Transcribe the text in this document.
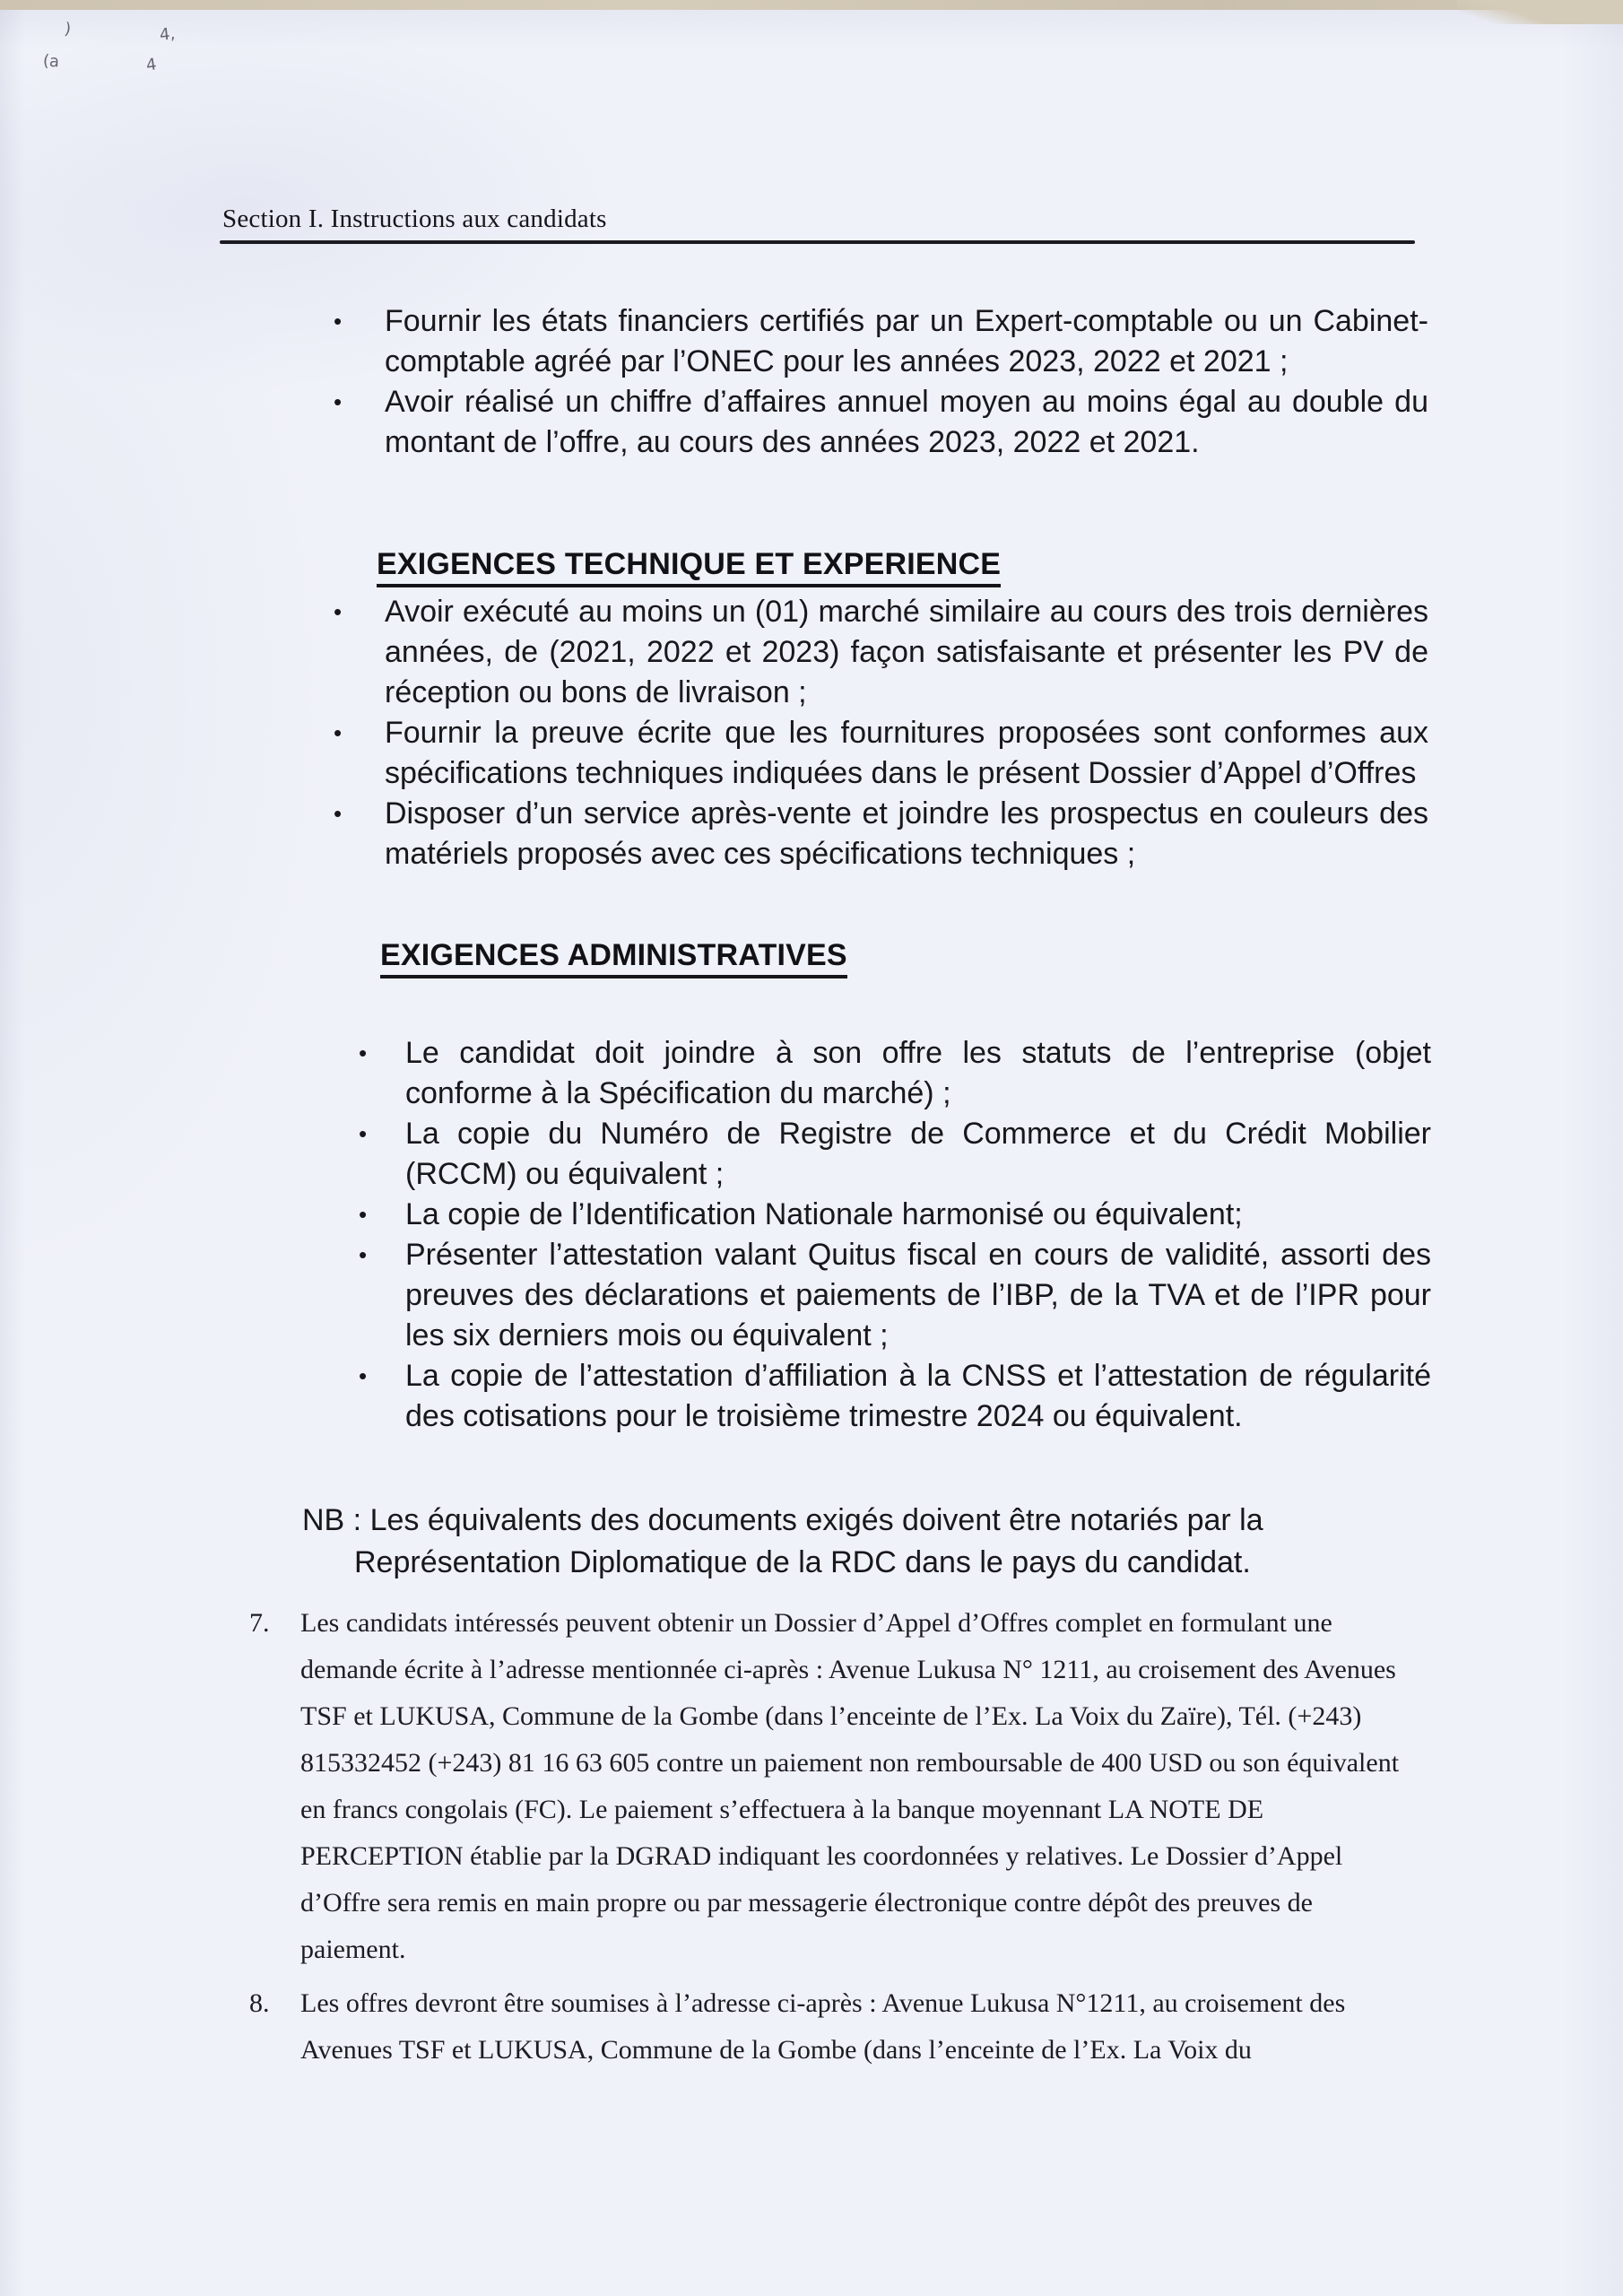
)	4,
(a	4
Section I. Instructions aux candidats
•	Fournir les états financiers certifiés par un Expert-comptable ou un Cabinet-comptable agréé par l’ONEC pour les années 2023, 2022 et 2021 ;
•	Avoir réalisé un chiffre d’affaires annuel moyen au moins égal au double du montant de l’offre, au cours des années 2023, 2022 et 2021.
EXIGENCES TECHNIQUE ET EXPERIENCE
•	Avoir exécuté au moins un (01) marché similaire au cours des trois dernières années, de (2021, 2022 et 2023) façon satisfaisante et présenter les PV de réception ou bons de livraison ;
•	Fournir la preuve écrite que les fournitures proposées sont conformes aux spécifications techniques indiquées dans le présent Dossier d’Appel d’Offres
•	Disposer d’un service après-vente et joindre les prospectus en couleurs des matériels proposés avec ces spécifications techniques ;
EXIGENCES ADMINISTRATIVES
•	Le candidat doit joindre à son offre les statuts de l’entreprise (objet conforme à la Spécification du marché) ;
•	La copie du Numéro de Registre de Commerce et du Crédit Mobilier (RCCM) ou équivalent ;
•	La copie de l’Identification Nationale harmonisé ou équivalent;
•	Présenter l’attestation valant Quitus fiscal en cours de validité, assorti des preuves des déclarations et paiements de l’IBP, de la TVA et de l’IPR pour les six derniers mois ou équivalent ;
•	La copie de l’attestation d’affiliation à la CNSS et l’attestation de régularité des cotisations pour le troisième trimestre 2024 ou équivalent.
NB : Les équivalents des documents exigés doivent être notariés par la Représentation Diplomatique de la RDC dans le pays du candidat.
7.	Les candidats intéressés peuvent obtenir un Dossier d’Appel d’Offres complet en formulant une demande écrite à l’adresse mentionnée ci-après : Avenue Lukusa N° 1211, au croisement des Avenues TSF et LUKUSA, Commune de la Gombe (dans l’enceinte de l’Ex. La Voix du Zaïre), Tél. (+243) 815332452 (+243) 81 16 63 605 contre un paiement non remboursable de 400 USD ou son équivalent en francs congolais (FC). Le paiement s’effectuera à la banque moyennant LA NOTE DE PERCEPTION établie par la DGRAD indiquant les coordonnées y relatives. Le Dossier d’Appel d’Offre sera remis en main propre ou par messagerie électronique contre dépôt des preuves de paiement.
8.	Les offres devront être soumises à l’adresse ci-après : Avenue Lukusa N°1211, au croisement des Avenues TSF et LUKUSA, Commune de la Gombe (dans l’enceinte de l’Ex. La Voix du
